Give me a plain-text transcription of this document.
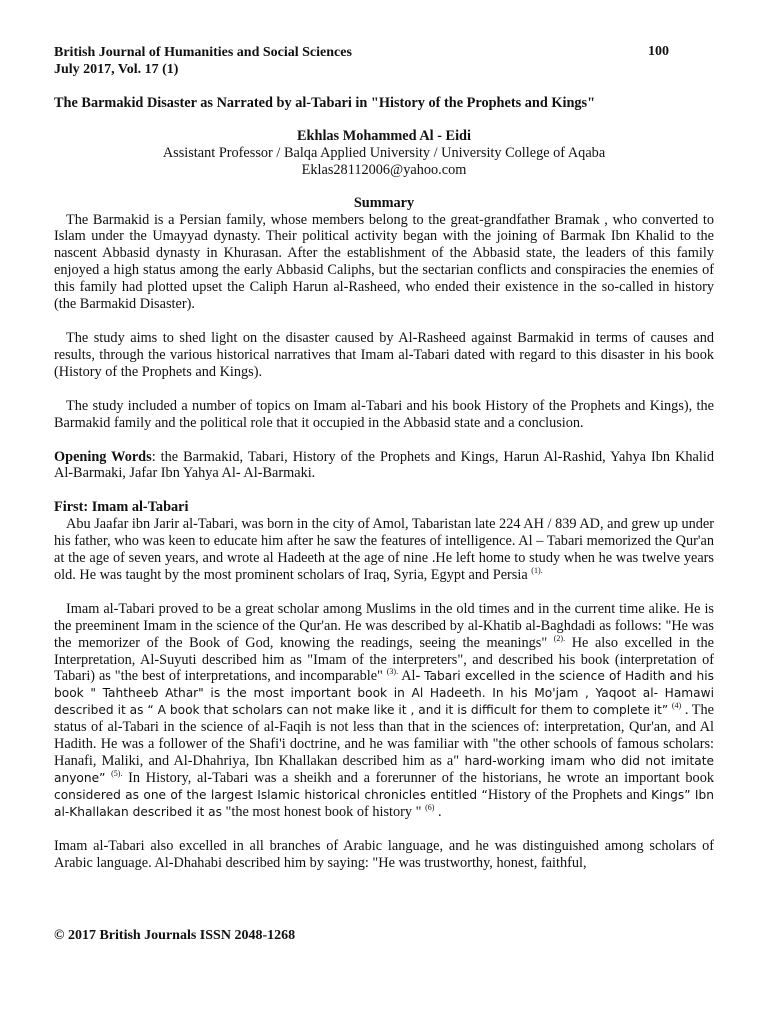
British Journal of Humanities and Social Sciences
July 2017, Vol. 17 (1)
100

The Barmakid Disaster as Narrated by al-Tabari in "History of the Prophets and Kings"

Ekhlas Mohammed Al - Eidi

Assistant Professor / Balqa Applied University / University College of Aqaba

Eklas28112006@yahoo.com

Summary

The Barmakid is a Persian family, whose members belong to the great-grandfather Bramak , who converted to Islam under the Umayyad dynasty. Their political activity began with the joining of Barmak Ibn Khalid to the nascent Abbasid dynasty in Khurasan. After the establishment of the Abbasid state, the leaders of this family enjoyed a high status among the early Abbasid Caliphs, but the sectarian conflicts and conspiracies the enemies of this family had plotted upset the Caliph Harun al-Rasheed, who ended their existence in the so-called in history (the Barmakid Disaster).

The study aims to shed light on the disaster caused by Al-Rasheed against Barmakid in terms of causes and results, through the various historical narratives that Imam al-Tabari dated with regard to this disaster in his book (History of the Prophets and Kings).

The study included a number of topics on Imam al-Tabari and his book History of the Prophets and Kings), the Barmakid family and the political role that it occupied in the Abbasid state and a conclusion.

Opening Words: the Barmakid, Tabari, History of the Prophets and Kings, Harun Al-Rashid, Yahya Ibn Khalid Al-Barmaki, Jafar Ibn Yahya Al- Al-Barmaki.

First: Imam al-Tabari

Abu Jaafar ibn Jarir al-Tabari, was born in the city of Amol, Tabaristan late 224 AH / 839 AD, and grew up under his father, who was keen to educate him after he saw the features of intelligence. Al – Tabari memorized the Qur'an at the age of seven years, and wrote al Hadeeth at the age of nine .He left home to study when he was twelve years old. He was taught by the most prominent scholars of Iraq, Syria, Egypt and Persia $^{(1).}$

Imam al-Tabari proved to be a great scholar among Muslims in the old times and in the current time alike. He is the preeminent Imam in the science of the Qur'an. He was described by al-Khatib al-Baghdadi as follows: "He was the memorizer of the Book of God, knowing the readings, seeing the meanings" $^{(2).}$ He also excelled in the Interpretation, Al-Suyuti described him as "Imam of the interpreters", and described his book (interpretation of Tabari) as "the best of interpretations, and incomparable" $^{(3).}$ Al- Tabari excelled in the science of Hadith and his book " Tahtheeb Athar" is the most important book in Al Hadeeth. In his Mo'jam , Yaqoot al- Hamawi described it as “ A book that scholars can not make like it , and it is difficult for them to complete it” $^{(4)}$ . The status of al-Tabari in the science of al-Faqih is not less than that in the sciences of: interpretation, Qur'an, and Al Hadith. He was a follower of the Shafi'i doctrine, and he was familiar with "the other schools of famous scholars: Hanafi, Maliki, and Al-Dhahriya, Ibn Khallakan described him as a" hard-working imam who did not imitate anyone” $^{(5).}$ In History, al-Tabari was a sheikh and a forerunner of the historians, he wrote an important book considered as one of the largest Islamic historical chronicles entitled “History of the Prophets and Kings” Ibn al-Khallakan described it as "the most honest book of history " $^{(6)}$ .

Imam al-Tabari also excelled in all branches of Arabic language, and he was distinguished among scholars of Arabic language. Al-Dhahabi described him by saying: "He was trustworthy, honest, faithful,

© 2017 British Journals ISSN 2048-1268
